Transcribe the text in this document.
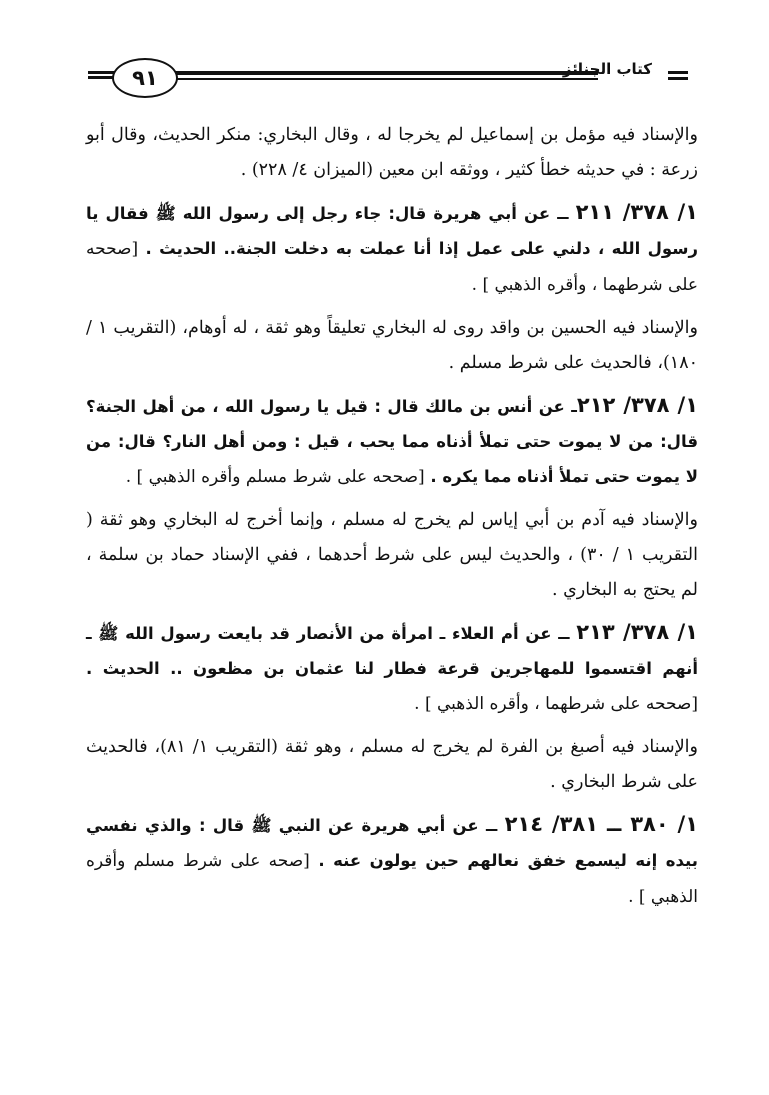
٩١	كتاب الجنائز

والإسناد فيه مؤمل بن إسماعيل لم يخرجا له ، وقال البخاري: منكر الحديث، وقال أبو زرعة : في حديثه خطأ كثير ، ووثقه ابن معين (الميزان ٤/ ٢٢٨) .

١/ ٣٧٨/ ٢١١ ــ عن أبي هريرة قال: جاء رجل إلى رسول الله ﷺ فقال يا رسول الله ، دلني على عمل إذا أنا عملت به دخلت الجنة.. الحديث . [صححه على شرطهما ، وأقره الذهبي ] .

والإسناد فيه الحسين بن واقد روى له البخاري تعليقاً وهو ثقة ، له أوهام، (التقريب ١ / ١٨٠)، فالحديث على شرط مسلم .

١/ ٣٧٨/ ٢١٢ـ عن أنس بن مالك قال : قيل يا رسول الله ، من أهل الجنة؟ قال: من لا يموت حتى تملأ أذناه مما يحب ، قيل : ومن أهل النار؟ قال: من لا يموت حتى تملأ أذناه مما يكره . [صححه على شرط مسلم وأقره الذهبي ] .

والإسناد فيه آدم بن أبي إياس لم يخرج له مسلم ، وإنما أخرج له البخاري وهو ثقة ( التقريب ١ / ٣٠) ، والحديث ليس على شرط أحدهما ، ففي الإسناد حماد بن سلمة ، لم يحتج به البخاري .

١/ ٣٧٨/ ٢١٣ ــ عن أم العلاء ـ امرأة من الأنصار قد بايعت رسول الله ﷺ ـ أنهم اقتسموا للمهاجرين قرعة فطار لنا عثمان بن مظعون .. الحديث . [صححه على شرطهما ، وأقره الذهبي ] .

والإسناد فيه أصبغ بن الفرة لم يخرج له مسلم ، وهو ثقة (التقريب ١/ ٨١)، فالحديث على شرط البخاري .

١/ ٣٨٠ ــ ٣٨١/ ٢١٤ ــ عن أبي هريرة عن النبي ﷺ قال : والذي نفسي بيده إنه ليسمع خفق نعالهم حين يولون عنه . [صحه على شرط مسلم وأقره الذهبي ] .
